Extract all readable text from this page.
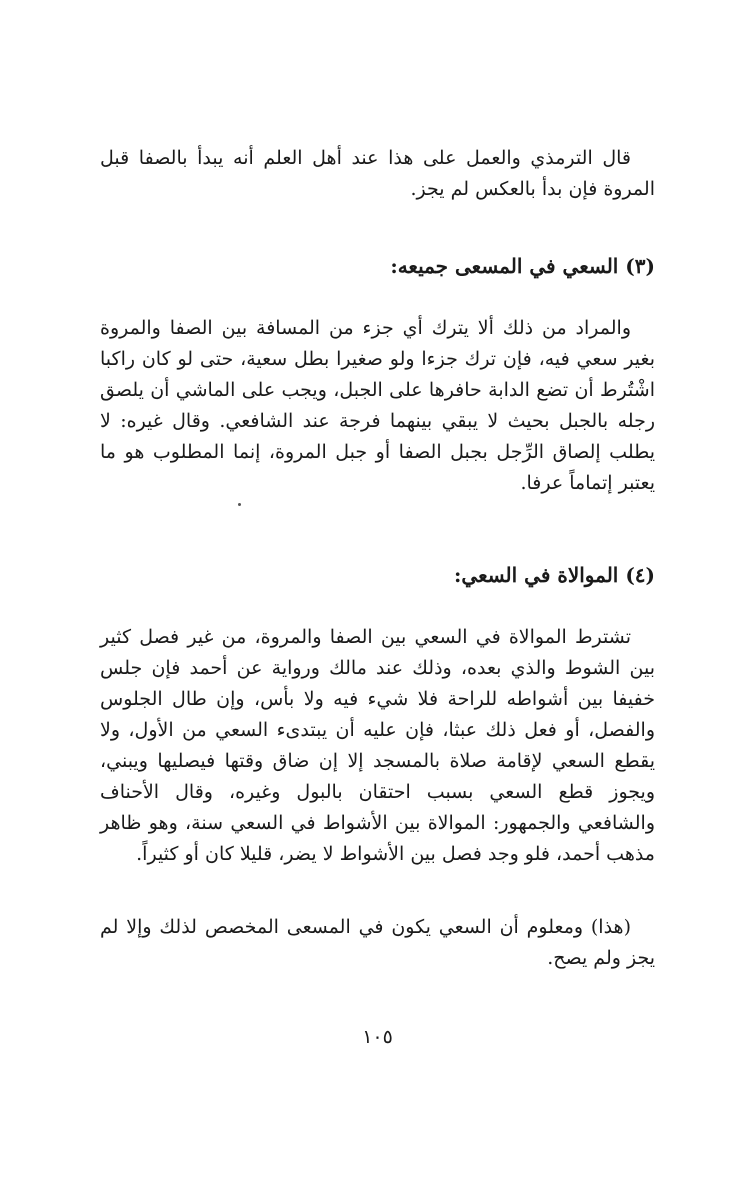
قال الترمذي والعمل على هذا عند أهل العلم أنه يبدأ بالصفا قبل المروة فإن بدأ بالعكس لم يجز.

(٣) السعي في المسعى جميعه:

والمراد من ذلك ألا يترك أي جزء من المسافة بين الصفا والمروة بغير سعي فيه، فإن ترك جزءا ولو صغيرا بطل سعية، حتى لو كان راكبا اشْتُرط أن تضع الدابة حافرها على الجبل، ويجب على الماشي أن يلصق رجله بالجبل بحيث لا يبقي بينهما فرجة عند الشافعي. وقال غيره: لا يطلب إلصاق الرِّجل بجبل الصفا أو جبل المروة، إنما المطلوب هو ما يعتبر إتماماً عرفا.

(٤) الموالاة في السعي:

تشترط الموالاة في السعي بين الصفا والمروة، من غير فصل كثير بين الشوط والذي بعده، وذلك عند مالك ورواية عن أحمد فإن جلس خفيفا بين أشواطه للراحة فلا شيء فيه ولا بأس، وإن طال الجلوس والفصل، أو فعل ذلك عبثا، فإن عليه أن يبتدىء السعي من الأول، ولا يقطع السعي لإقامة صلاة بالمسجد إلا إن ضاق وقتها فيصليها ويبني، ويجوز قطع السعي بسبب احتقان بالبول وغيره، وقال الأحناف والشافعي والجمهور: الموالاة بين الأشواط في السعي سنة، وهو ظاهر مذهب أحمد، فلو وجد فصل بين الأشواط لا يضر، قليلا كان أو كثيراً.

(هذا) ومعلوم أن السعي يكون في المسعى المخصص لذلك وإلا لم يجز ولم يصح.

١٠٥
